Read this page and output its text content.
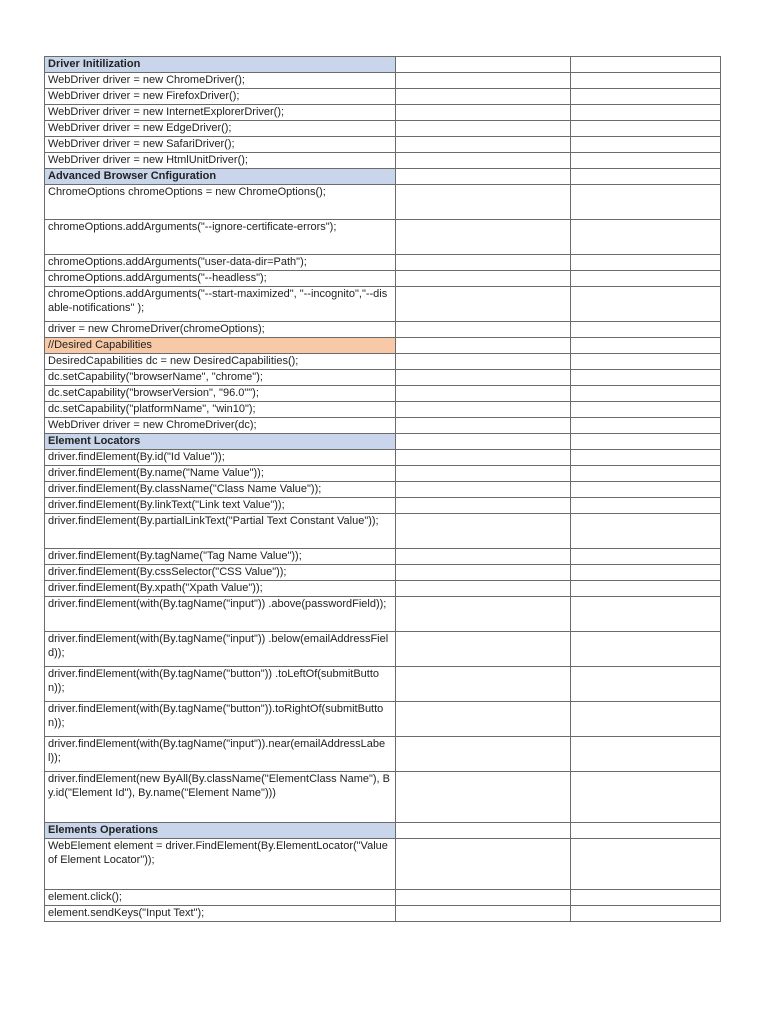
Driver Initilization		
WebDriver driver = new ChromeDriver();		
WebDriver driver = new FirefoxDriver();		
WebDriver driver = new InternetExplorerDriver();		
WebDriver driver = new EdgeDriver();		
WebDriver driver = new SafariDriver();		
WebDriver driver = new HtmlUnitDriver();		
Advanced Browser Cnfiguration		
ChromeOptions chromeOptions = new ChromeOptions();		
chromeOptions.addArguments("--ignore-certificate-errors");		
chromeOptions.addArguments("user-data-dir=Path");		
chromeOptions.addArguments("--headless");		
chromeOptions.addArguments("--start-maximized", "--incognito","--disable-notifications" );		
driver = new ChromeDriver(chromeOptions);		
//Desired Capabilities		
DesiredCapabilities dc = new DesiredCapabilities();		
dc.setCapability("browserName", "chrome");		
dc.setCapability("browserVersion", "96.0"");		
dc.setCapability("platformName", "win10");		
WebDriver driver = new ChromeDriver(dc);		
Element Locators		
driver.findElement(By.id("Id Value"));		
driver.findElement(By.name("Name Value"));		
driver.findElement(By.className("Class Name Value"));		
driver.findElement(By.linkText("Link text Value"));		
driver.findElement(By.partialLinkText("Partial Text Constant Value"));		
driver.findElement(By.tagName("Tag Name Value"));		
driver.findElement(By.cssSelector("CSS Value"));		
driver.findElement(By.xpath("Xpath Value"));		
driver.findElement(with(By.tagName("input")) .above(passwordField));		
driver.findElement(with(By.tagName("input")) .below(emailAddressField));		
driver.findElement(with(By.tagName("button")) .toLeftOf(submitButton));		
driver.findElement(with(By.tagName("button")).toRightOf(submitButton));		
driver.findElement(with(By.tagName("input")).near(emailAddressLabel));		
driver.findElement(new ByAll(By.className("ElementClass Name"), By.id("Element Id"), By.name("Element Name")))		
Elements Operations		
WebElement element = driver.FindElement(By.ElementLocator("Value of Element Locator"));		
element.click();		
element.sendKeys("Input Text");		
